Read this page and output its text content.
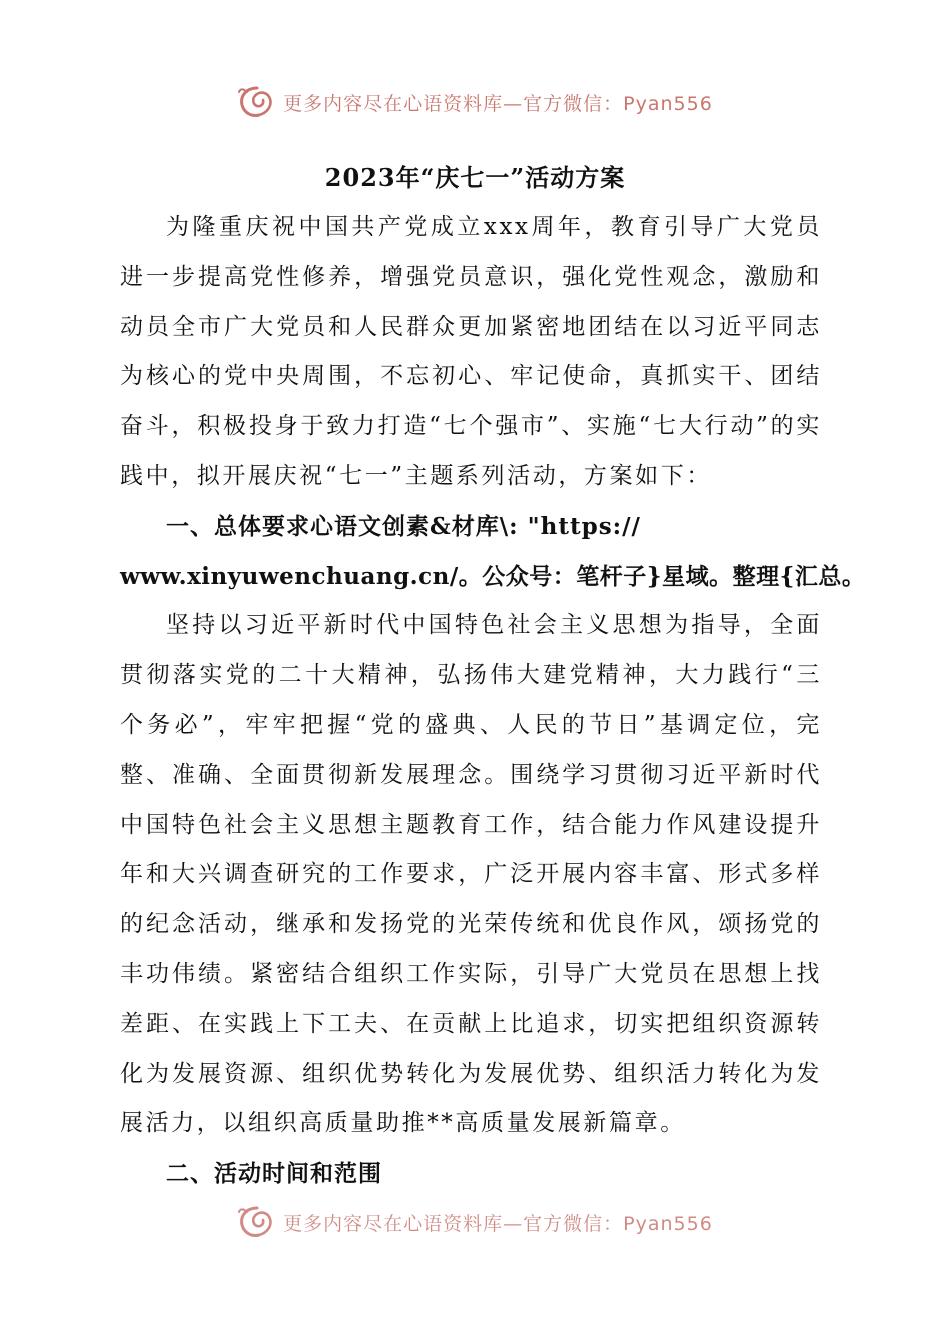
更多内容尽在心语资料库—官方微信：Pyan556
2023年“庆七一”活动方案

为隆重庆祝中国共产党成立xxx周年，教育引导广大党员进一步提高党性修养，增强党员意识，强化党性观念，激励和动员全市广大党员和人民群众更加紧密地团结在以习近平同志为核心的党中央周围，不忘初心、牢记使命，真抓实干、团结奋斗，积极投身于致力打造“七个强市”、实施“七大行动”的实践中，拟开展庆祝“七一”主题系列活动，方案如下：

一、总体要求心语文创素&材库\: "https://
www.xinyuwenchuang.cn/。公众号：笔杆子}星域。整理{汇总。

坚持以习近平新时代中国特色社会主义思想为指导，全面贯彻落实党的二十大精神，弘扬伟大建党精神，大力践行“三个务必”，牢牢把握“党的盛典、人民的节日”基调定位，完整、准确、全面贯彻新发展理念。围绕学习贯彻习近平新时代中国特色社会主义思想主题教育工作，结合能力作风建设提升年和大兴调查研究的工作要求，广泛开展内容丰富、形式多样的纪念活动，继承和发扬党的光荣传统和优良作风，颂扬党的丰功伟绩。紧密结合组织工作实际，引导广大党员在思想上找差距、在实践上下工夫、在贡献上比追求，切实把组织资源转化为发展资源、组织优势转化为发展优势、组织活力转化为发展活力，以组织高质量助推**高质量发展新篇章。

二、活动时间和范围

更多内容尽在心语资料库—官方微信：Pyan556
